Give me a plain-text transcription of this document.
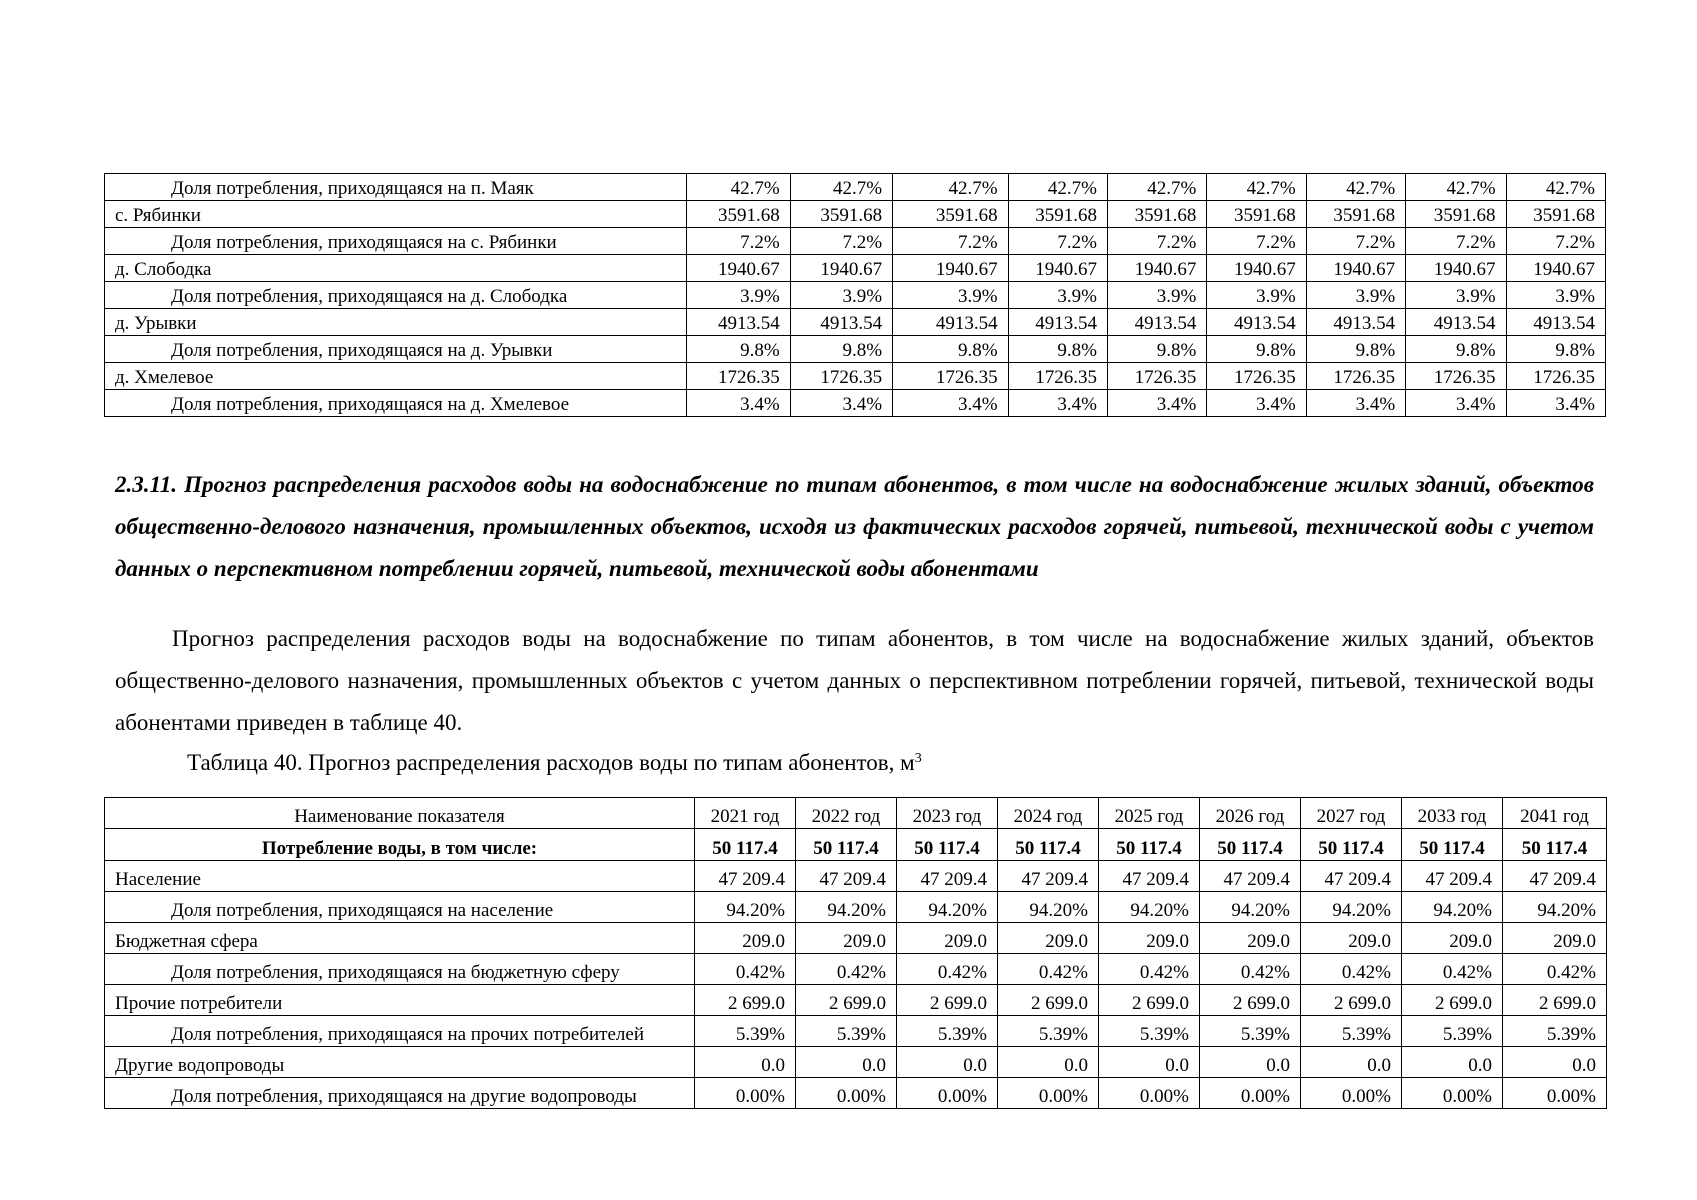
Доля потребления, приходящаяся на п. Маяк	42.7%	42.7%	42.7%	42.7%	42.7%	42.7%	42.7%	42.7%	42.7%
с. Рябинки	3591.68	3591.68	3591.68	3591.68	3591.68	3591.68	3591.68	3591.68	3591.68
Доля потребления, приходящаяся на с. Рябинки	7.2%	7.2%	7.2%	7.2%	7.2%	7.2%	7.2%	7.2%	7.2%
д. Слободка	1940.67	1940.67	1940.67	1940.67	1940.67	1940.67	1940.67	1940.67	1940.67
Доля потребления, приходящаяся на д. Слободка	3.9%	3.9%	3.9%	3.9%	3.9%	3.9%	3.9%	3.9%	3.9%
д. Урывки	4913.54	4913.54	4913.54	4913.54	4913.54	4913.54	4913.54	4913.54	4913.54
Доля потребления, приходящаяся на д. Урывки	9.8%	9.8%	9.8%	9.8%	9.8%	9.8%	9.8%	9.8%	9.8%
д. Хмелевое	1726.35	1726.35	1726.35	1726.35	1726.35	1726.35	1726.35	1726.35	1726.35
Доля потребления, приходящаяся на д. Хмелевое	3.4%	3.4%	3.4%	3.4%	3.4%	3.4%	3.4%	3.4%	3.4%
2.3.11. Прогноз распределения расходов воды на водоснабжение по типам абонентов, в том числе на водоснабжение жилых зданий, объектов общественно-делового назначения, промышленных объектов, исходя из фактических расходов горячей, питьевой, технической воды с учетом данных о перспективном потреблении горячей, питьевой, технической воды абонентами
Прогноз распределения расходов воды на водоснабжение по типам абонентов, в том числе на водоснабжение жилых зданий, объектов общественно-делового назначения, промышленных объектов с учетом данных о перспективном потреблении горячей, питьевой, технической воды абонентами приведен в таблице 40.
Таблица 40. Прогноз распределения расходов воды по типам абонентов, $м^3$
Наименование показателя	2021 год	2022 год	2023 год	2024 год	2025 год	2026 год	2027 год	2033 год	2041 год
Потребление воды, в том числе:	50 117.4	50 117.4	50 117.4	50 117.4	50 117.4	50 117.4	50 117.4	50 117.4	50 117.4
Население	47 209.4	47 209.4	47 209.4	47 209.4	47 209.4	47 209.4	47 209.4	47 209.4	47 209.4
Доля потребления, приходящаяся на население	94.20%	94.20%	94.20%	94.20%	94.20%	94.20%	94.20%	94.20%	94.20%
Бюджетная сфера	209.0	209.0	209.0	209.0	209.0	209.0	209.0	209.0	209.0
Доля потребления, приходящаяся на бюджетную сферу	0.42%	0.42%	0.42%	0.42%	0.42%	0.42%	0.42%	0.42%	0.42%
Прочие потребители	2 699.0	2 699.0	2 699.0	2 699.0	2 699.0	2 699.0	2 699.0	2 699.0	2 699.0
Доля потребления, приходящаяся на прочих потребителей	5.39%	5.39%	5.39%	5.39%	5.39%	5.39%	5.39%	5.39%	5.39%
Другие водопроводы	0.0	0.0	0.0	0.0	0.0	0.0	0.0	0.0	0.0
Доля потребления, приходящаяся на другие водопроводы	0.00%	0.00%	0.00%	0.00%	0.00%	0.00%	0.00%	0.00%	0.00%
